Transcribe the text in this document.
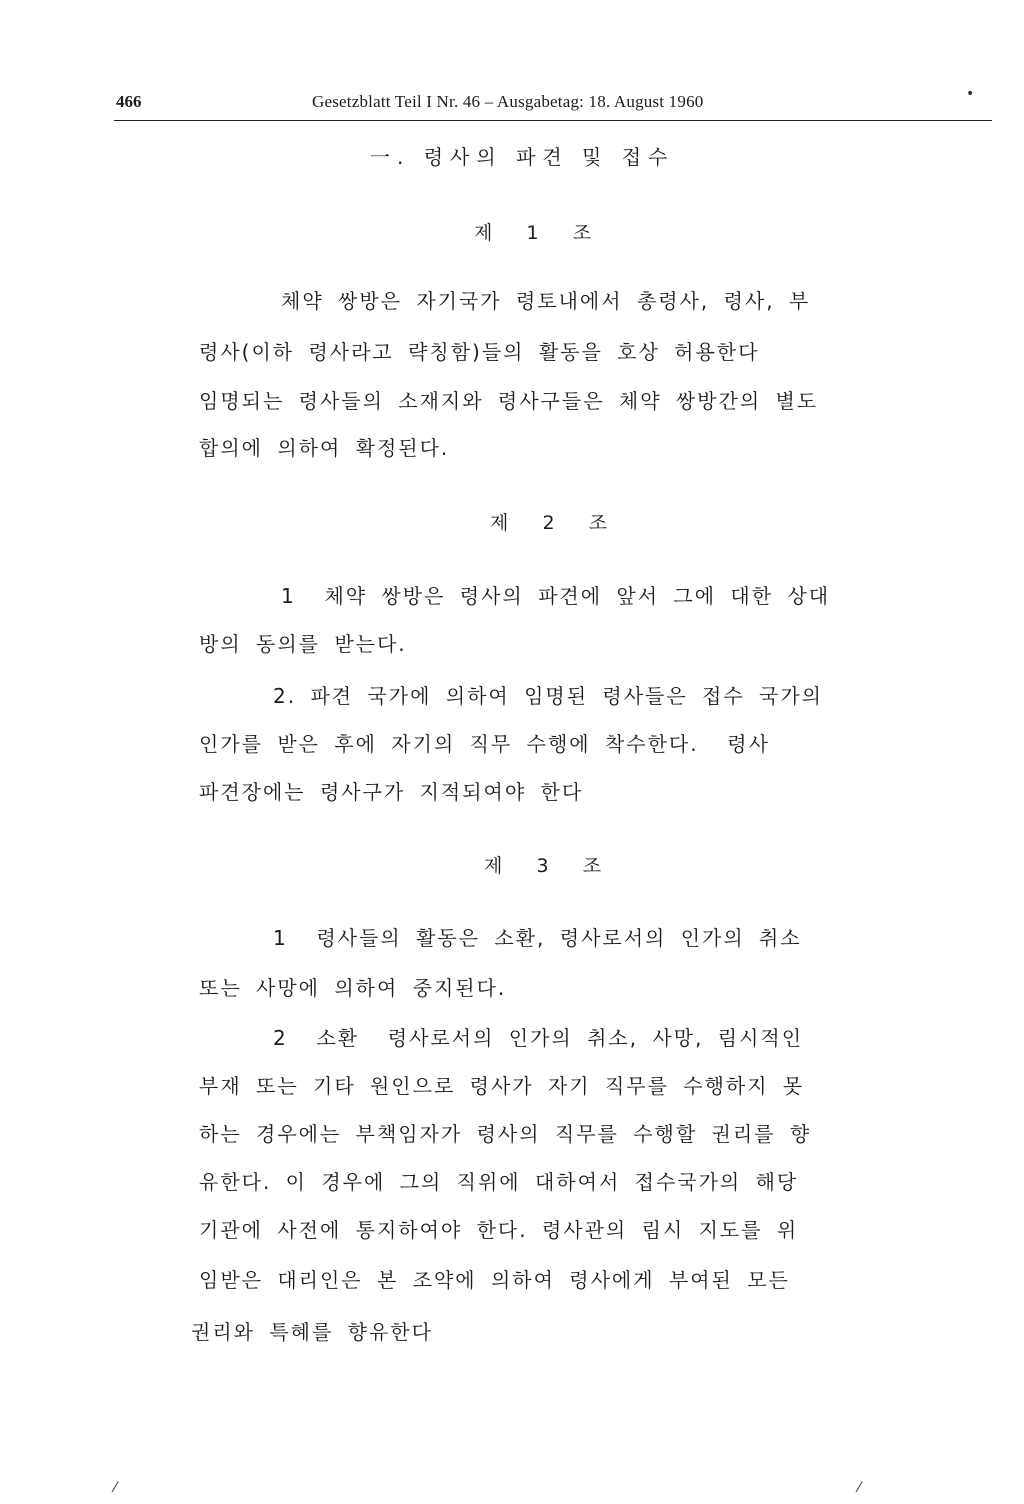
466	Gesetzblatt Teil I Nr. 46 – Ausgabetag: 18. August 1960
一. 령사의 파견 및 접수
제    1    조
체약 쌍방은 자기국가 령토내에서 총령사, 령사, 부
령사(이하 령사라고 략칭함)들의 활동을 호상 허용한다
임명되는 령사들의 소재지와 령사구들은 체약 쌍방간의 별도
합의에 의하여 확정된다.
제    2    조
1  체약 쌍방은 령사의 파견에 앞서 그에 대한 상대
방의 동의를 받는다.
2. 파견 국가에 의하여 임명된 령사들은 접수 국가의
인가를 받은 후에 자기의 직무 수행에 착수한다.  령사
파견장에는 령사구가 지적되여야 한다
제    3    조
1  령사들의 활동은 소환, 령사로서의 인가의 취소
또는 사망에 의하여 중지된다.
2  소환  령사로서의 인가의 취소, 사망, 림시적인
부재 또는 기타 원인으로 령사가 자기 직무를 수행하지 못
하는 경우에는 부책임자가 령사의 직무를 수행할 권리를 향
유한다. 이 경우에 그의 직위에 대하여서 접수국가의 해당
기관에 사전에 통지하여야 한다. 령사관의 림시 지도를 위
임받은 대리인은 본 조약에 의하여 령사에게 부여된 모든
권리와 특혜를 향유한다
•
⁄	⁄
